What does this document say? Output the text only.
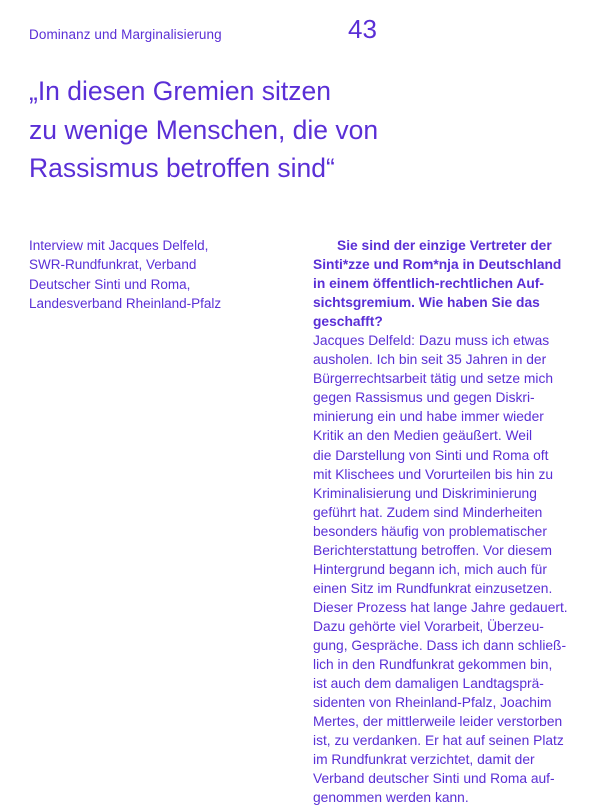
Dominanz und Marginalisierung	43
„In diesen Gremien sitzen
zu wenige Menschen, die von
Rassismus betroffen sind“
Interview mit Jacques Delfeld,
SWR-Rundfunkrat, Verband
Deutscher Sinti und Roma,
Landesverband Rheinland-Pfalz
Sie sind der einzige Vertreter der
Sinti*zze und Rom*nja in Deutschland
in einem öffentlich-rechtlichen Auf-
sichtsgremium. Wie haben Sie das
geschafft?
Jacques Delfeld: Dazu muss ich etwas
ausholen. Ich bin seit 35 Jahren in der
Bürgerrechtsarbeit tätig und setze mich
gegen Rassismus und gegen Diskri-
minierung ein und habe immer wieder
Kritik an den Medien geäußert. Weil
die Darstellung von Sinti und Roma oft
mit Klischees und Vorurteilen bis hin zu
Kriminalisierung und Diskriminierung
geführt hat. Zudem sind Minderheiten
besonders häufig von problematischer
Berichterstattung betroffen. Vor diesem
Hintergrund begann ich, mich auch für
einen Sitz im Rundfunkrat einzusetzen.
Dieser Prozess hat lange Jahre gedauert.
Dazu gehörte viel Vorarbeit, Überzeu-
gung, Gespräche. Dass ich dann schließ-
lich in den Rundfunkrat gekommen bin,
ist auch dem damaligen Landtagsprä-
sidenten von Rheinland-Pfalz, Joachim
Mertes, der mittlerweile leider verstorben
ist, zu verdanken. Er hat auf seinen Platz
im Rundfunkrat verzichtet, damit der
Verband deutscher Sinti und Roma auf-
genommen werden kann.
